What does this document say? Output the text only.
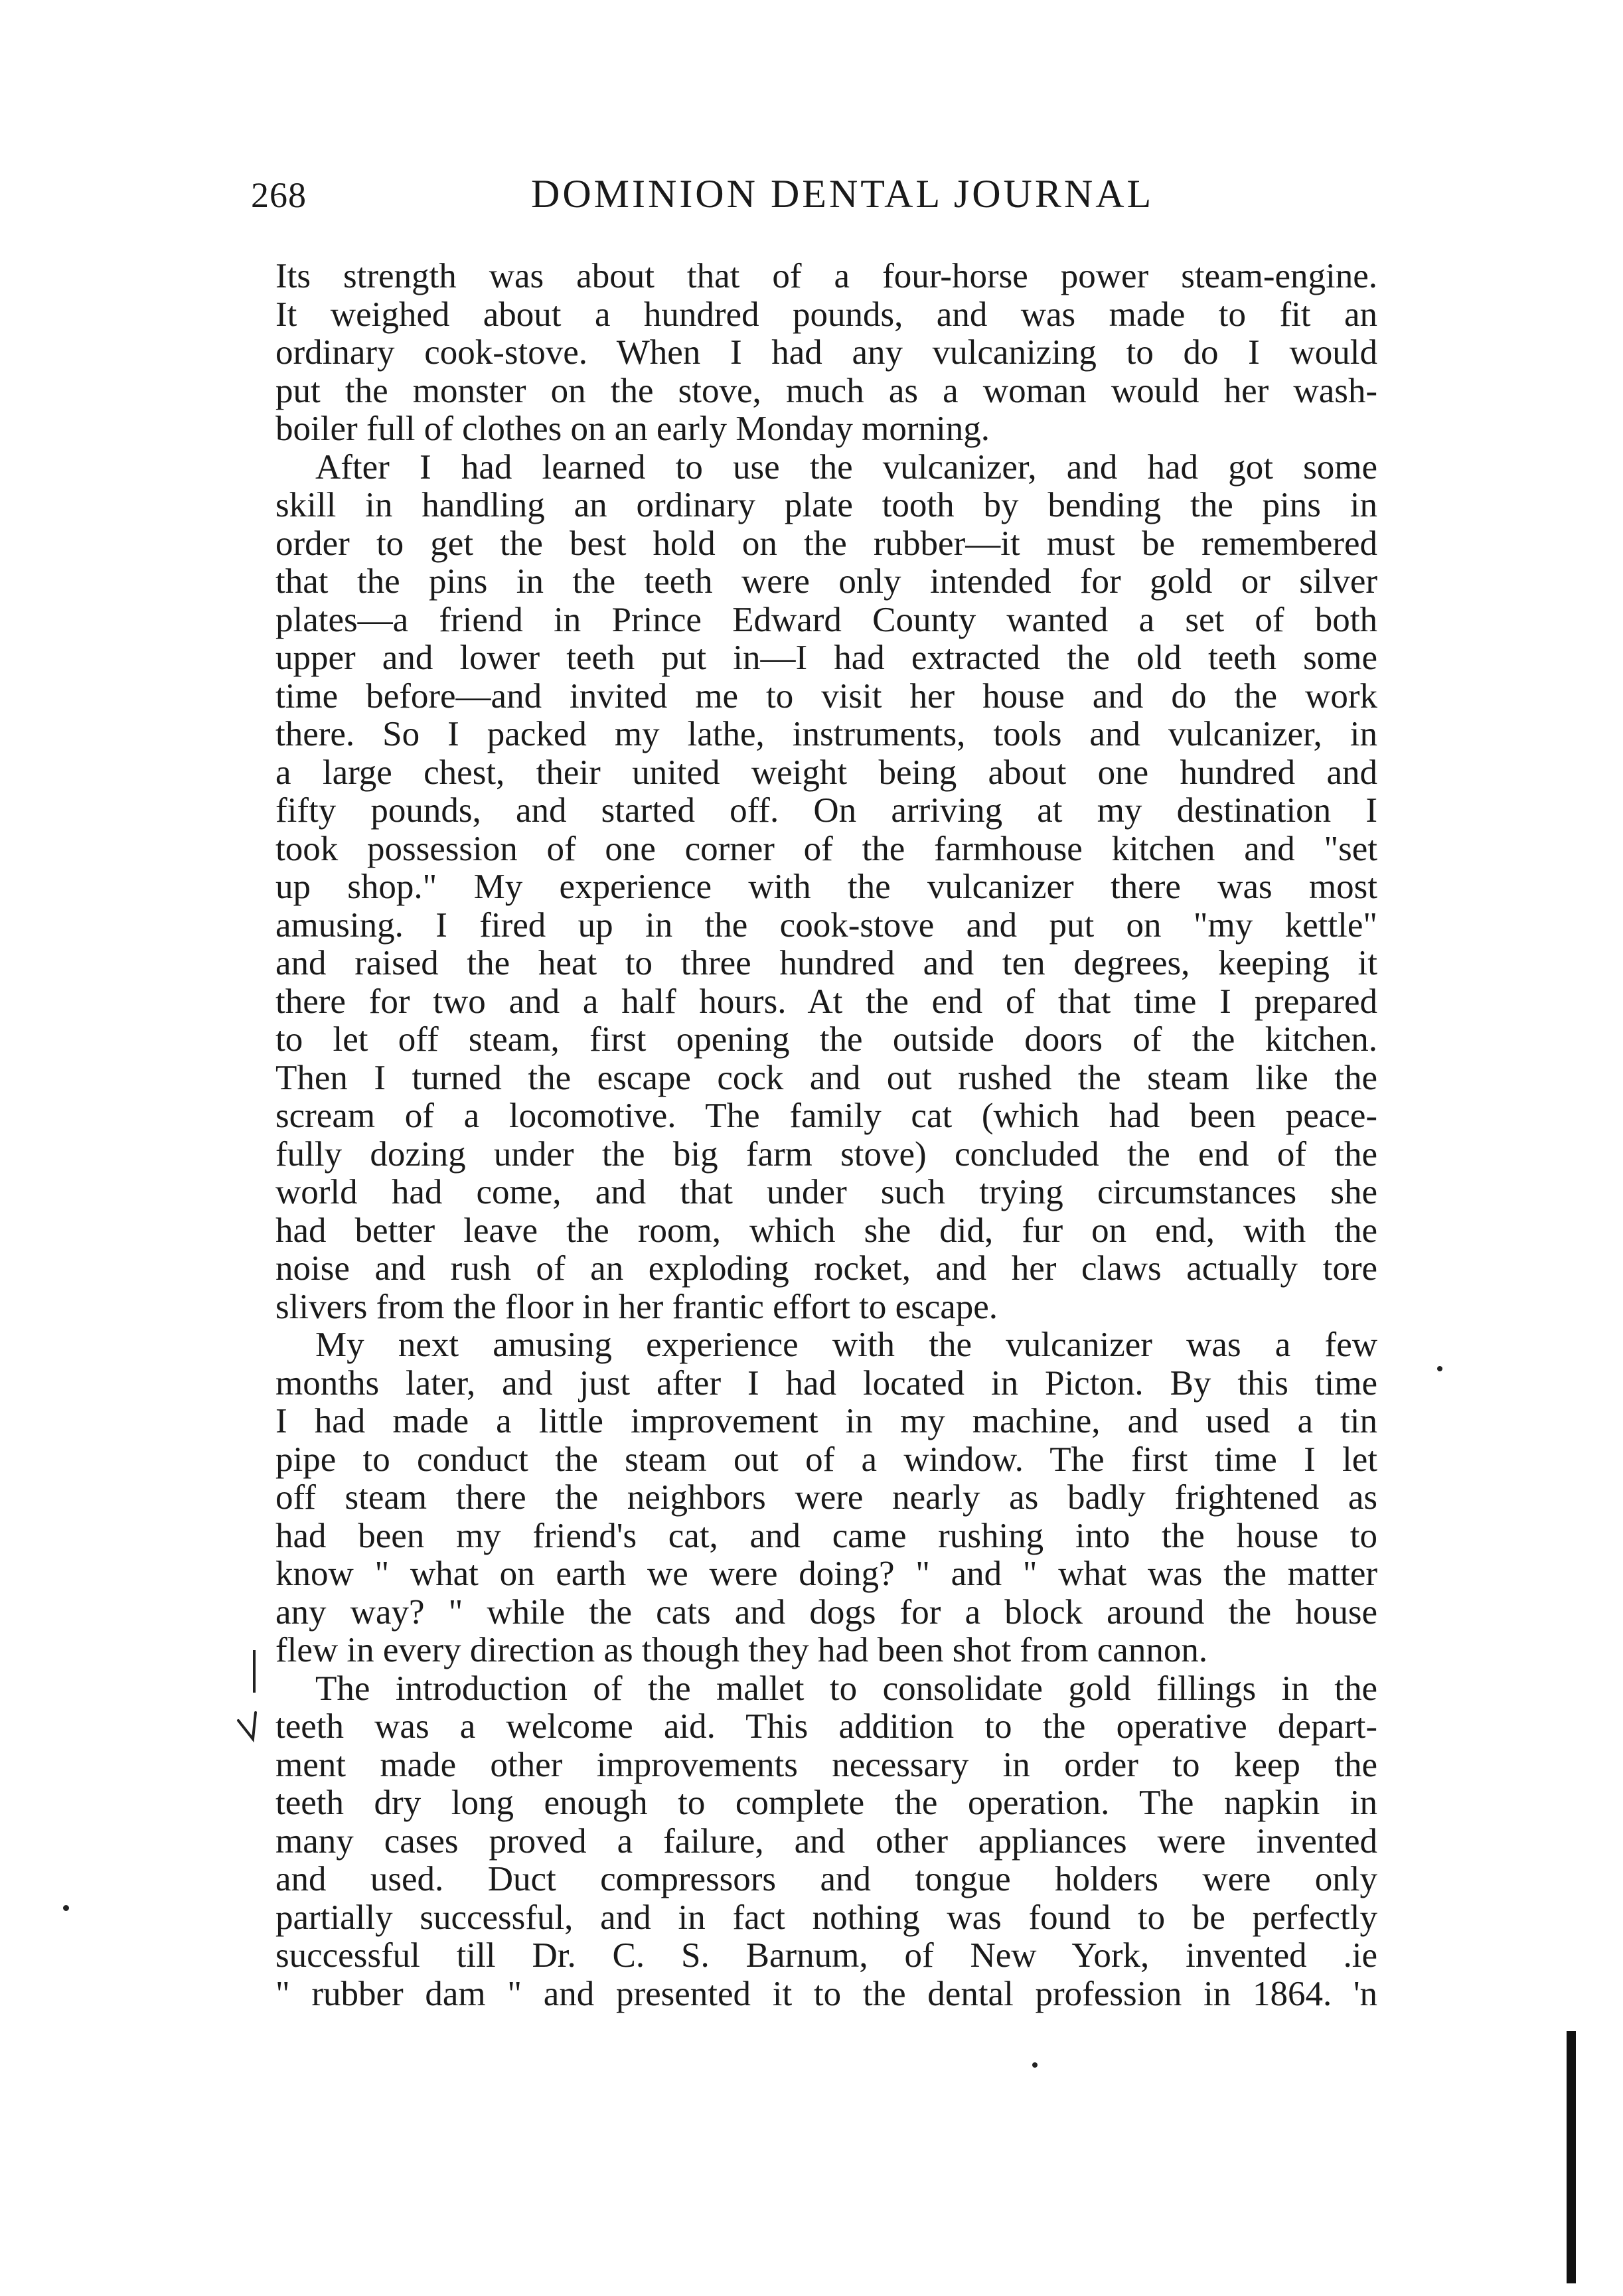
268	DOMINION DENTAL JOURNAL
Its strength was about that of a four-horse power steam-engine.
It weighed about a hundred pounds, and was made to fit an
ordinary cook-stove. When I had any vulcanizing to do I would
put the monster on the stove, much as a woman would her wash-
boiler full of clothes on an early Monday morning.
After I had learned to use the vulcanizer, and had got some
skill in handling an ordinary plate tooth by bending the pins in
order to get the best hold on the rubber—it must be remembered
that the pins in the teeth were only intended for gold or silver
plates—a friend in Prince Edward County wanted a set of both
upper and lower teeth put in—I had extracted the old teeth some
time before—and invited me to visit her house and do the work
there. So I packed my lathe, instruments, tools and vulcanizer, in
a large chest, their united weight being about one hundred and
fifty pounds, and started off. On arriving at my destination I
took possession of one corner of the farmhouse kitchen and "set
up shop." My experience with the vulcanizer there was most
amusing. I fired up in the cook-stove and put on "my kettle"
and raised the heat to three hundred and ten degrees, keeping it
there for two and a half hours. At the end of that time I prepared
to let off steam, first opening the outside doors of the kitchen.
Then I turned the escape cock and out rushed the steam like the
scream of a locomotive. The family cat (which had been peace-
fully dozing under the big farm stove) concluded the end of the
world had come, and that under such trying circumstances she
had better leave the room, which she did, fur on end, with the
noise and rush of an exploding rocket, and her claws actually tore
slivers from the floor in her frantic effort to escape.
My next amusing experience with the vulcanizer was a few
months later, and just after I had located in Picton. By this time
I had made a little improvement in my machine, and used a tin
pipe to conduct the steam out of a window. The first time I let
off steam there the neighbors were nearly as badly frightened as
had been my friend's cat, and came rushing into the house to
know " what on earth we were doing? " and " what was the matter
any way? " while the cats and dogs for a block around the house
flew in every direction as though they had been shot from cannon.
The introduction of the mallet to consolidate gold fillings in the
teeth was a welcome aid. This addition to the operative depart-
ment made other improvements necessary in order to keep the
teeth dry long enough to complete the operation. The napkin in
many cases proved a failure, and other appliances were invented
and used. Duct compressors and tongue holders were only
partially successful, and in fact nothing was found to be perfectly
successful till Dr. C. S. Barnum, of New York, invented .ie
" rubber dam " and presented it to the dental profession in 1864. 'n
